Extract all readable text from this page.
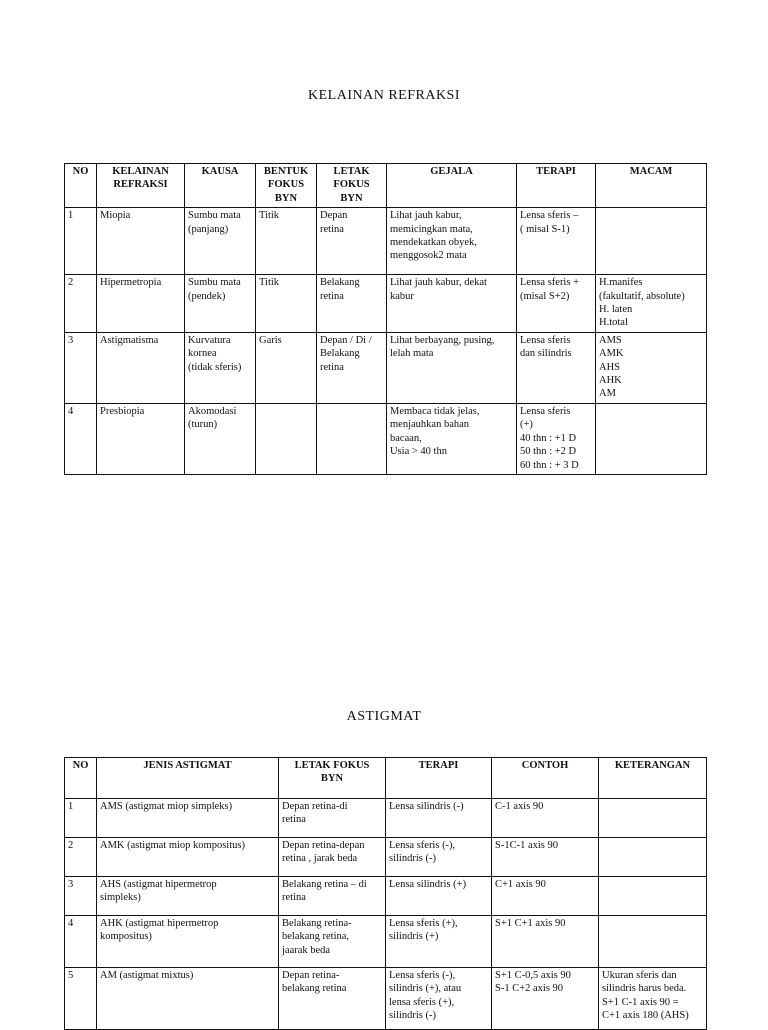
KELAINAN REFRAKSI
NO	KELAINAN
REFRAKSI	KAUSA	BENTUK
FOKUS
BYN	LETAK
FOKUS
BYN	GEJALA	TERAPI	MACAM
1	Miopia	Sumbu mata
(panjang)	Titik	Depan
retina	Lihat jauh kabur,
memicingkan mata,
mendekatkan obyek,
menggosok2 mata	Lensa sferis –
( misal S-1)	
2	Hipermetropia	Sumbu mata
(pendek)	Titik	Belakang
retina	Lihat jauh kabur, dekat
kabur	Lensa sferis +
(misal S+2)	H.manifes
(fakultatif, absolute)
H. laten
H.total
3	Astigmatisma	Kurvatura
kornea
(tidak sferis)	Garis	Depan / Di /
Belakang
retina	Lihat berbayang, pusing,
lelah mata	Lensa sferis
dan silindris	AMS
AMK
AHS
AHK
AM
4	Presbiopia	Akomodasi
(turun)			Membaca tidak jelas,
menjauhkan bahan
bacaan,
Usia > 40 thn	Lensa sferis
(+)
40 thn : +1 D
50 thn : +2 D
60 thn : + 3 D	
ASTIGMAT
NO	JENIS ASTIGMAT	LETAK FOKUS
BYN	TERAPI	CONTOH	KETERANGAN
1	AMS (astigmat miop simpleks)	Depan retina-di
retina	Lensa silindris (-)	C-1 axis 90	
2	AMK (astigmat miop kompositus)	Depan retina-depan
retina , jarak beda	Lensa sferis (-),
silindris (-)	S-1C-1 axis 90	
3	AHS (astigmat hipermetrop
simpleks)	Belakang retina – di
retina	Lensa silindris (+)	C+1 axis 90	
4	AHK (astigmat hipermetrop
kompositus)	Belakang retina-
belakang retina,
jaarak beda	Lensa sferis (+),
silindris (+)	S+1 C+1 axis 90	
5	AM (astigmat mixtus)	Depan retina-
belakang retina	Lensa sferis (-),
silindris (+), atau
lensa sferis (+),
silindris (-)	S+1 C-0,5 axis 90
S-1 C+2 axis 90	Ukuran sferis dan
silindris harus beda.
S+1 C-1 axis 90 =
C+1 axis 180 (AHS)
